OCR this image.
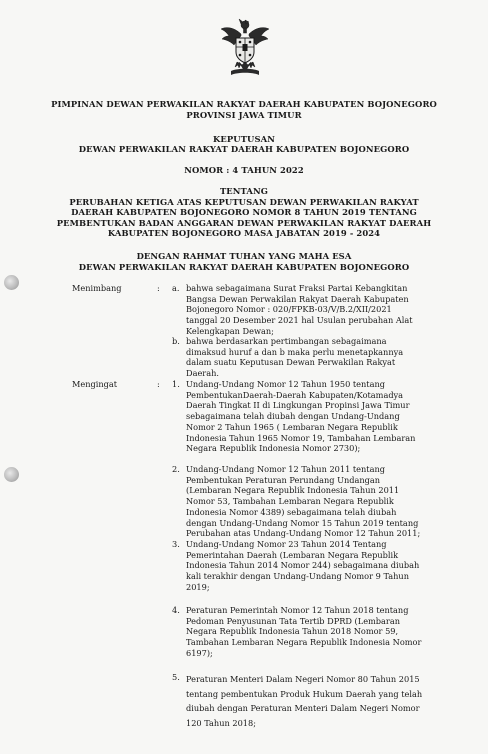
PIMPINAN DEWAN PERWAKILAN RAKYAT DAERAH KABUPATEN BOJONEGORO
PROVINSI JAWA TIMUR
KEPUTUSAN
DEWAN PERWAKILAN RAKYAT DAERAH KABUPATEN BOJONEGORO
NOMOR : 4 TAHUN 2022
TENTANG
PERUBAHAN KETIGA ATAS KEPUTUSAN DEWAN PERWAKILAN RAKYAT
DAERAH KABUPATEN BOJONEGORO NOMOR 8 TAHUN 2019 TENTANG
PEMBENTUKAN BADAN ANGGARAN DEWAN PERWAKILAN RAKYAT DAERAH
KABUPATEN BOJONEGORO MASA JABATAN 2019 - 2024
DENGAN RAHMAT TUHAN YANG MAHA ESA
DEWAN PERWAKILAN RAKYAT DAERAH KABUPATEN BOJONEGORO
Menimbang	: a. bahwa sebagaimana Surat Fraksi Partai Kebangkitan
Bangsa Dewan Perwakilan Rakyat Daerah Kabupaten
Bojonegoro Nomor : 020/FPKB-03/V/B.2/XII/2021
tanggal 20 Desember 2021 hal Usulan perubahan Alat
Kelengkapan Dewan;
b. bahwa berdasarkan pertimbangan sebagaimana
dimaksud huruf a dan b maka perlu menetapkannya
dalam suatu Keputusan Dewan Perwakilan Rakyat
Daerah.
Mengingat	: 1. Undang-Undang Nomor 12 Tahun 1950 tentang
PembentukanDaerah-Daerah Kabupaten/Kotamadya
Daerah Tingkat II di Lingkungan Propinsi Jawa Timur
sebagaimana telah diubah dengan Undang-Undang
Nomor 2 Tahun 1965 ( Lembaran Negara Republik
Indonesia Tahun 1965 Nomor 19, Tambahan Lembaran
Negara Republik Indonesia Nomor 2730);
2. Undang-Undang Nomor 12 Tahun 2011 tentang
Pembentukan Peraturan Perundang Undangan
(Lembaran Negara Republik Indonesia Tahun 2011
Nomor 53, Tambahan Lembaran Negara Republik
Indonesia Nomor 4389) sebagaimana telah diubah
dengan Undang-Undang Nomor 15 Tahun 2019 tentang
Perubahan atas Undang-Undang Nomor 12 Tahun 2011;
3. Undang-Undang Nomor 23 Tahun 2014 Tentang
Pemerintahan Daerah (Lembaran Negara Republik
Indonesia Tahun 2014 Nomor 244) sebagaimana diubah
kali terakhir dengan Undang-Undang Nomor 9 Tahun
2019;
4. Peraturan Pemerintah Nomor 12 Tahun 2018 tentang
Pedoman Penyusunan Tata Tertib DPRD (Lembaran
Negara Republik Indonesia Tahun 2018 Nomor 59,
Tambahan Lembaran Negara Republik Indonesia Nomor
6197);
5. Peraturan Menteri Dalam Negeri Nomor 80 Tahun 2015
tentang pembentukan Produk Hukum Daerah yang telah
diubah dengan Peraturan Menteri Dalam Negeri Nomor
120 Tahun 2018;
